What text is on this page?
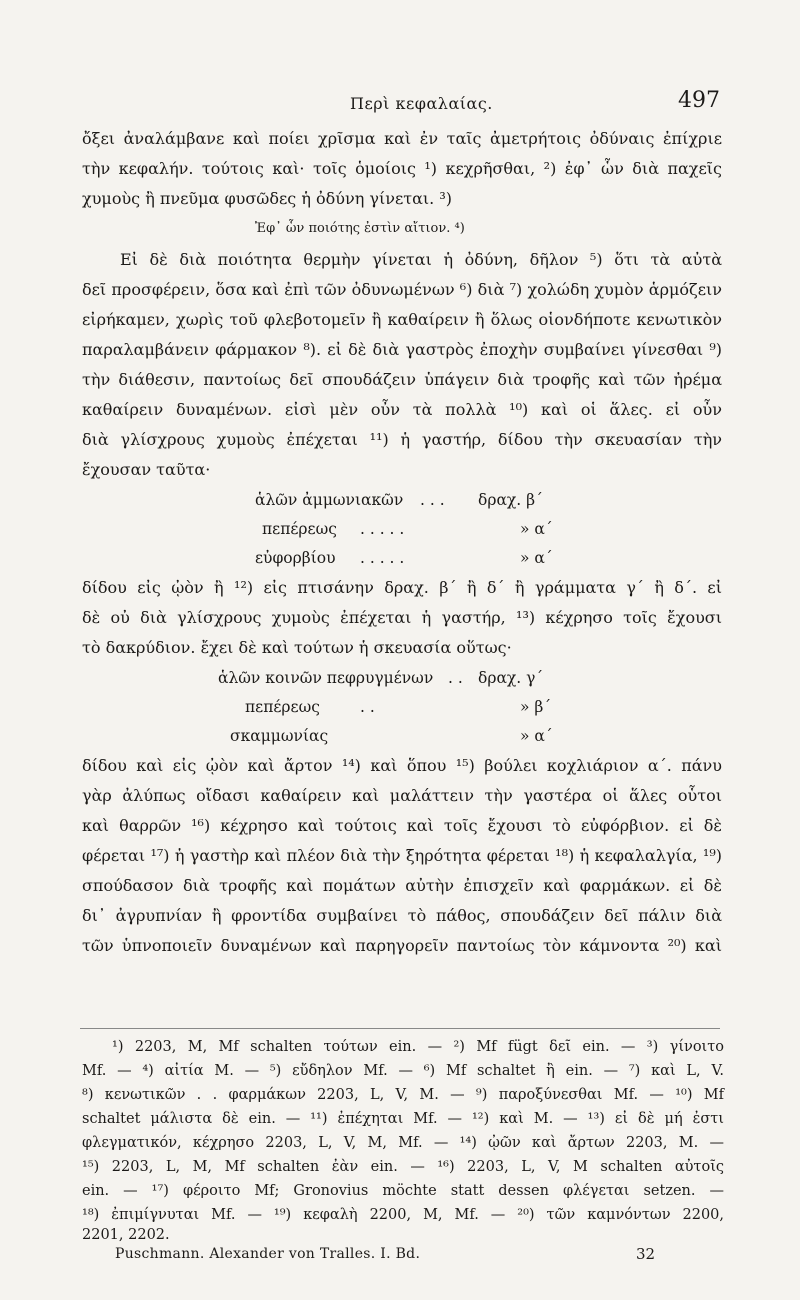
Περὶ κεφαλαίας.	497
ὄξει ἀναλάμβανε καὶ ποίει χρῖσμα καὶ ἐν ταῖς ἀμετρήτοις ὀδύναις ἐπίχριε
τὴν κεφαλήν. τούτοις καὶ· τοῖς ὁμοίοις ¹) κεχρῆσθαι, ²) ἐφ᾽ ὧν διὰ παχεῖς
χυμοὺς ἢ πνεῦμα φυσῶδες ἡ ὀδύνη γίνεται. ³)
Ἐφ᾽ ὧν ποιότης ἐστὶν αἴτιον. ⁴)
Εἰ δὲ διὰ ποιότητα θερμὴν γίνεται ἡ ὀδύνη, δῆλον ⁵) ὅτι τὰ αὐτὰ
δεῖ προσφέρειν, ὅσα καὶ ἐπὶ τῶν ὀδυνωμένων ⁶) διὰ ⁷) χολώδη χυμὸν ἁρμόζειν
εἰρήκαμεν, χωρὶς τοῦ φλεβοτομεῖν ἢ καθαίρειν ἢ ὅλως οἱονδήποτε κενωτικὸν
παραλαμβάνειν φάρμακον ⁸). εἰ δὲ διὰ γαστρὸς ἐποχὴν συμβαίνει γίνεσθαι ⁹)
τὴν διάθεσιν, παντοίως δεῖ σπουδάζειν ὑπάγειν διὰ τροφῆς καὶ τῶν ἠρέμα
καθαίρειν δυναμένων. εἰσὶ μὲν οὖν τὰ πολλὰ ¹⁰) καὶ οἱ ἅλες. εἰ οὖν
διὰ γλίσχρους χυμοὺς ἐπέχεται ¹¹) ἡ γαστήρ, δίδου τὴν σκευασίαν τὴν
ἔχουσαν ταῦτα·
ἁλῶν ἀμμωνιακῶν . . . δραχ. β΄
πεπέρεως . . . . .	» α΄
εὐφορβίου . . . . .	» α΄
δίδου εἰς ᾠὸν ἢ ¹²) εἰς πτισάνην δραχ. β΄ ἢ δ΄ ἢ γράμματα γ΄ ἢ δ΄. εἰ
δὲ οὐ διὰ γλίσχρους χυμοὺς ἐπέχεται ἡ γαστήρ, ¹³) κέχρησο τοῖς ἔχουσι
τὸ δακρύδιον. ἔχει δὲ καὶ τούτων ἡ σκευασία οὕτως·
ἁλῶν κοινῶν πεφρυγμένων . . δραχ. γ΄
πεπέρεως	. .	» β΄
σκαμμωνίας	» α΄
δίδου καὶ εἰς ᾠὸν καὶ ἄρτον ¹⁴) καὶ ὅπου ¹⁵) βούλει κοχλιάριον α΄. πάνυ
γὰρ ἀλύπως οἴδασι καθαίρειν καὶ μαλάττειν τὴν γαστέρα οἱ ἅλες οὗτοι
καὶ θαρρῶν ¹⁶) κέχρησο καὶ τούτοις καὶ τοῖς ἔχουσι τὸ εὐφόρβιον. εἰ δὲ
φέρεται ¹⁷) ἡ γαστὴρ καὶ πλέον διὰ τὴν ξηρότητα φέρεται ¹⁸) ἡ κεφαλαλγία, ¹⁹)
σπούδασον διὰ τροφῆς καὶ πομάτων αὐτὴν ἐπισχεῖν καὶ φαρμάκων. εἰ δὲ
δι᾽ ἀγρυπνίαν ἢ φροντίδα συμβαίνει τὸ πάθος, σπουδάζειν δεῖ πάλιν διὰ
τῶν ὑπνοποιεῖν δυναμένων καὶ παρηγορεῖν παντοίως τὸν κάμνοντα ²⁰) καὶ
¹) 2203, M, Mf schalten τούτων ein. — ²) Mf fügt δεῖ ein. — ³) γίνοιτο
Mf. — ⁴) αἰτία M. — ⁵) εὔδηλον Mf. — ⁶) Mf schaltet ἢ ein. — ⁷) καὶ L, V.
⁸) κενωτικῶν . . φαρμάκων 2203, L, V, M. — ⁹) παροξύνεσθαι Mf. — ¹⁰) Mf
schaltet μάλιστα δὲ ein. — ¹¹) ἐπέχηται Mf. — ¹²) καὶ M. — ¹³) εἰ δὲ μή ἐστι
φλεγματικόν, κέχρησο 2203, L, V, M, Mf. — ¹⁴) ᾠῶν καὶ ἄρτων 2203, M. —
¹⁵) 2203, L, M, Mf schalten ἐὰν ein. — ¹⁶) 2203, L, V, M schalten αὐτοῖς
ein. — ¹⁷) φέροιτο Mf; Gronovius möchte statt dessen φλέγεται setzen. —
¹⁸) ἐπιμίγνυται Mf. — ¹⁹) κεφαλὴ 2200, M, Mf. — ²⁰) τῶν καμνόντων 2200,
2201, 2202.
Puschmann. Alexander von Tralles. I. Bd.	32
